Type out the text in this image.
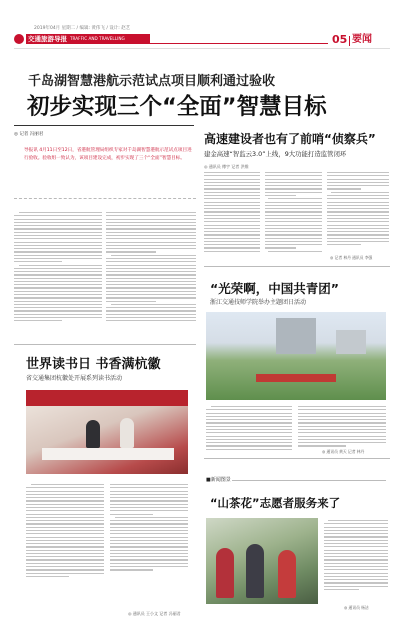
2019年04月 星期二 / 编辑: 黄伟飞 / 设计: 赵艺
交通旅游导报 TRAFFIC AND TRAVELLING	05 要闻
千岛湖智慧港航示范试点项目顺利通过验收
初步实现三个“全面”智慧目标
◎ 记者 冯丽君
导报讯 4月11日至12日，省港航管理局组织专家对千岛湖智慧港航示范试点项目进行验收。验收组一致认为，该项目建设完成，初步实现了三个“全面”智慧目标。
世界读书日 书香满杭徽
省交通集团杭徽处开展系列读书活动
◎ 通讯员 王小文 记者 冯丽君
高速建设者也有了前哨“侦察兵”
建金高速“智监云3.0”上线，9大功能打造监管闭环
◎ 通讯员 傅宇 记者 洪维
◎ 记者 林丹 通讯员 李强
“光荣啊，中国共青团”
浙江交通技师学院举办主题团日活动
◎ 通讯员 黄天 记者 林丹
■新闻图景
“山茶花”志愿者服务来了
◎ 通讯员 杨洁
